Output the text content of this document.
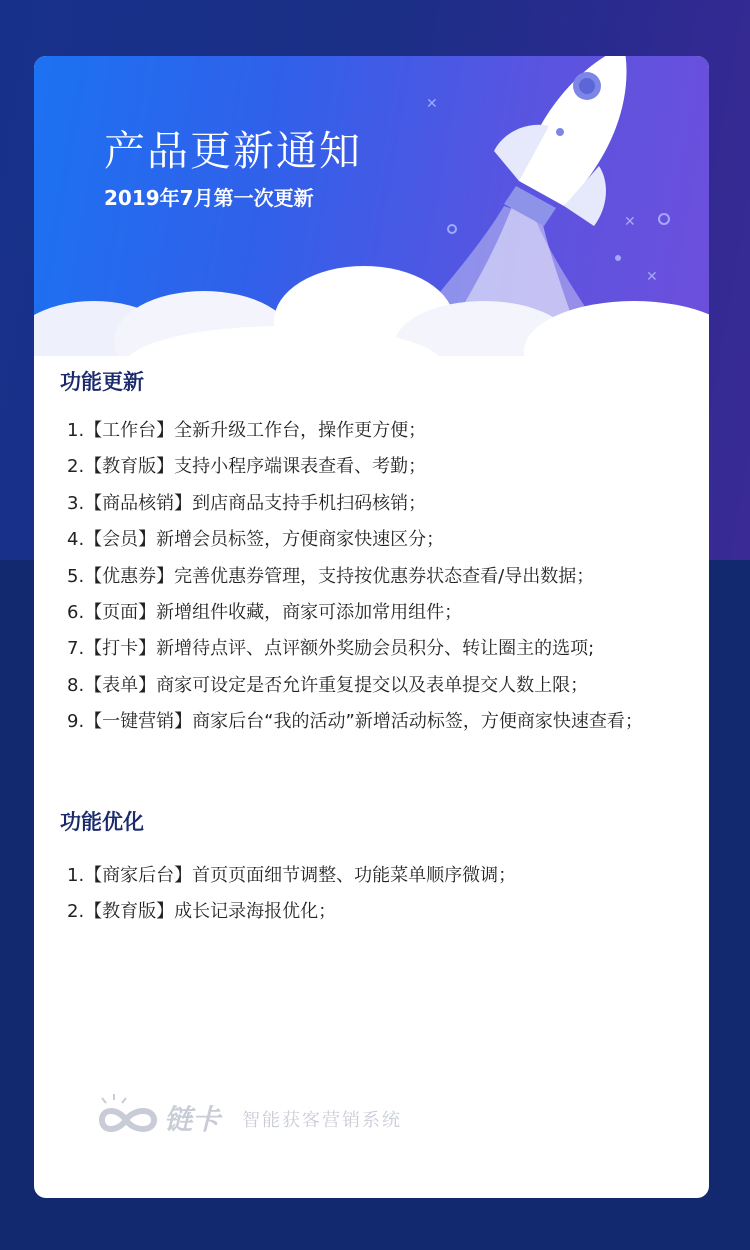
✕
✕
✕
产品更新通知
2019年7月第一次更新
功能更新
1.【工作台】全新升级工作台，操作更方便；
2.【教育版】支持小程序端课表查看、考勤；
3.【商品核销】到店商品支持手机扫码核销；
4.【会员】新增会员标签，方便商家快速区分；
5.【优惠券】完善优惠券管理，支持按优惠券状态查看/导出数据；
6.【页面】新增组件收藏，商家可添加常用组件；
7.【打卡】新增待点评、点评额外奖励会员积分、转让圈主的选项;
8.【表单】商家可设定是否允许重复提交以及表单提交人数上限；
9.【一键营销】商家后台“我的活动”新增活动标签，方便商家快速查看；
功能优化
1.【商家后台】首页页面细节调整、功能菜单顺序微调；
2.【教育版】成长记录海报优化；
链卡 智能获客营销系统
